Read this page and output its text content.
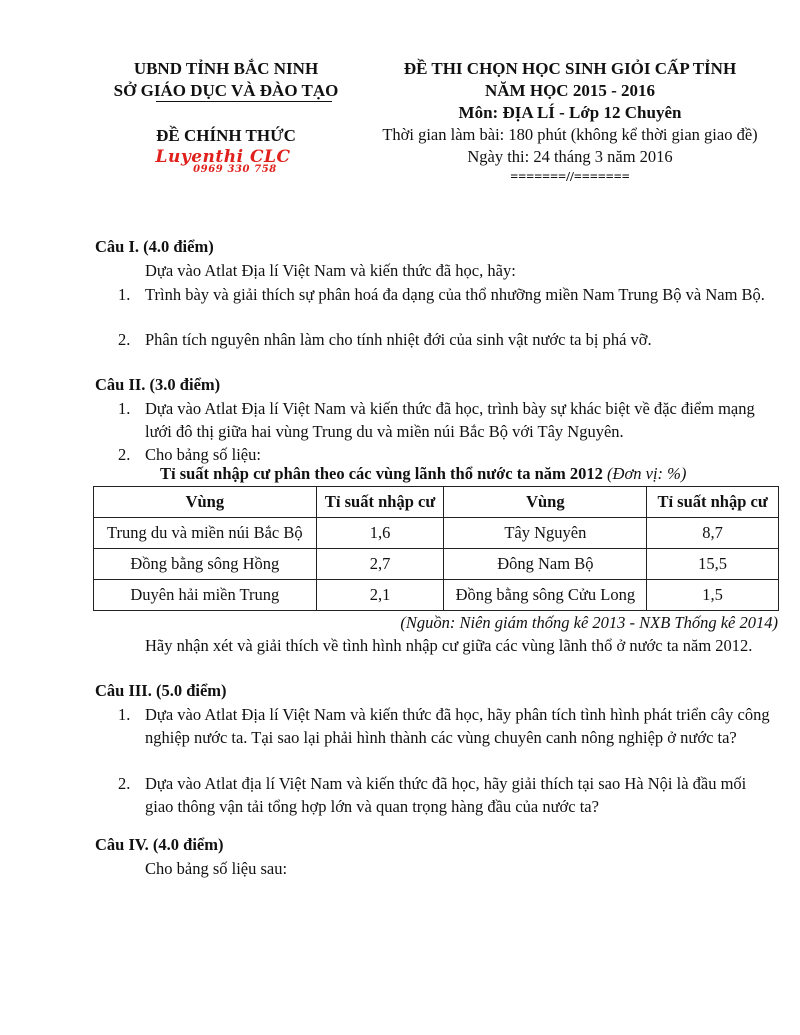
UBND TỈNH BẮC NINH
SỞ GIÁO DỤC VÀ ĐÀO TẠO
ĐỀ CHÍNH THỨC
Luyenthi CLC
0969 330 758
ĐỀ THI CHỌN HỌC SINH GIỎI CẤP TỈNH
NĂM HỌC 2015 - 2016
Môn: ĐỊA LÍ - Lớp 12 Chuyên
Thời gian làm bài: 180 phút (không kể thời gian giao đề)
Ngày thi: 24 tháng 3 năm 2016
=======//=======
Câu I. (4.0 điểm)
Dựa vào Atlat Địa lí Việt Nam và kiến thức đã học, hãy:
1. Trình bày và giải thích sự phân hoá đa dạng của thổ nhưỡng miền Nam Trung Bộ và Nam Bộ.
2. Phân tích nguyên nhân làm cho tính nhiệt đới của sinh vật nước ta bị phá vỡ.
Câu II. (3.0 điểm)
1. Dựa vào Atlat Địa lí Việt Nam và kiến thức đã học, trình bày sự khác biệt về đặc điểm mạng lưới đô thị giữa hai vùng Trung du và miền núi Bắc Bộ với Tây Nguyên.
2. Cho bảng số liệu:
Tỉ suất nhập cư phân theo các vùng lãnh thổ nước ta năm 2012 (Đơn vị: %)
Vùng	Tỉ suất nhập cư	Vùng	Tỉ suất nhập cư
Trung du và miền núi Bắc Bộ	1,6	Tây Nguyên	8,7
Đồng bằng sông Hồng	2,7	Đông Nam Bộ	15,5
Duyên hải miền Trung	2,1	Đồng bằng sông Cửu Long	1,5
(Nguồn: Niên giám thống kê 2013 - NXB Thống kê 2014)
Hãy nhận xét và giải thích về tình hình nhập cư giữa các vùng lãnh thổ ở nước ta năm 2012.
Câu III. (5.0 điểm)
1. Dựa vào Atlat Địa lí Việt Nam và kiến thức đã học, hãy phân tích tình hình phát triển cây công nghiệp nước ta. Tại sao lại phải hình thành các vùng chuyên canh nông nghiệp ở nước ta?
2. Dựa vào Atlat địa lí Việt Nam và kiến thức đã học, hãy giải thích tại sao Hà Nội là đầu mối giao thông vận tải tổng hợp lớn và quan trọng hàng đầu của nước ta?
Câu IV. (4.0 điểm)
Cho bảng số liệu sau:
